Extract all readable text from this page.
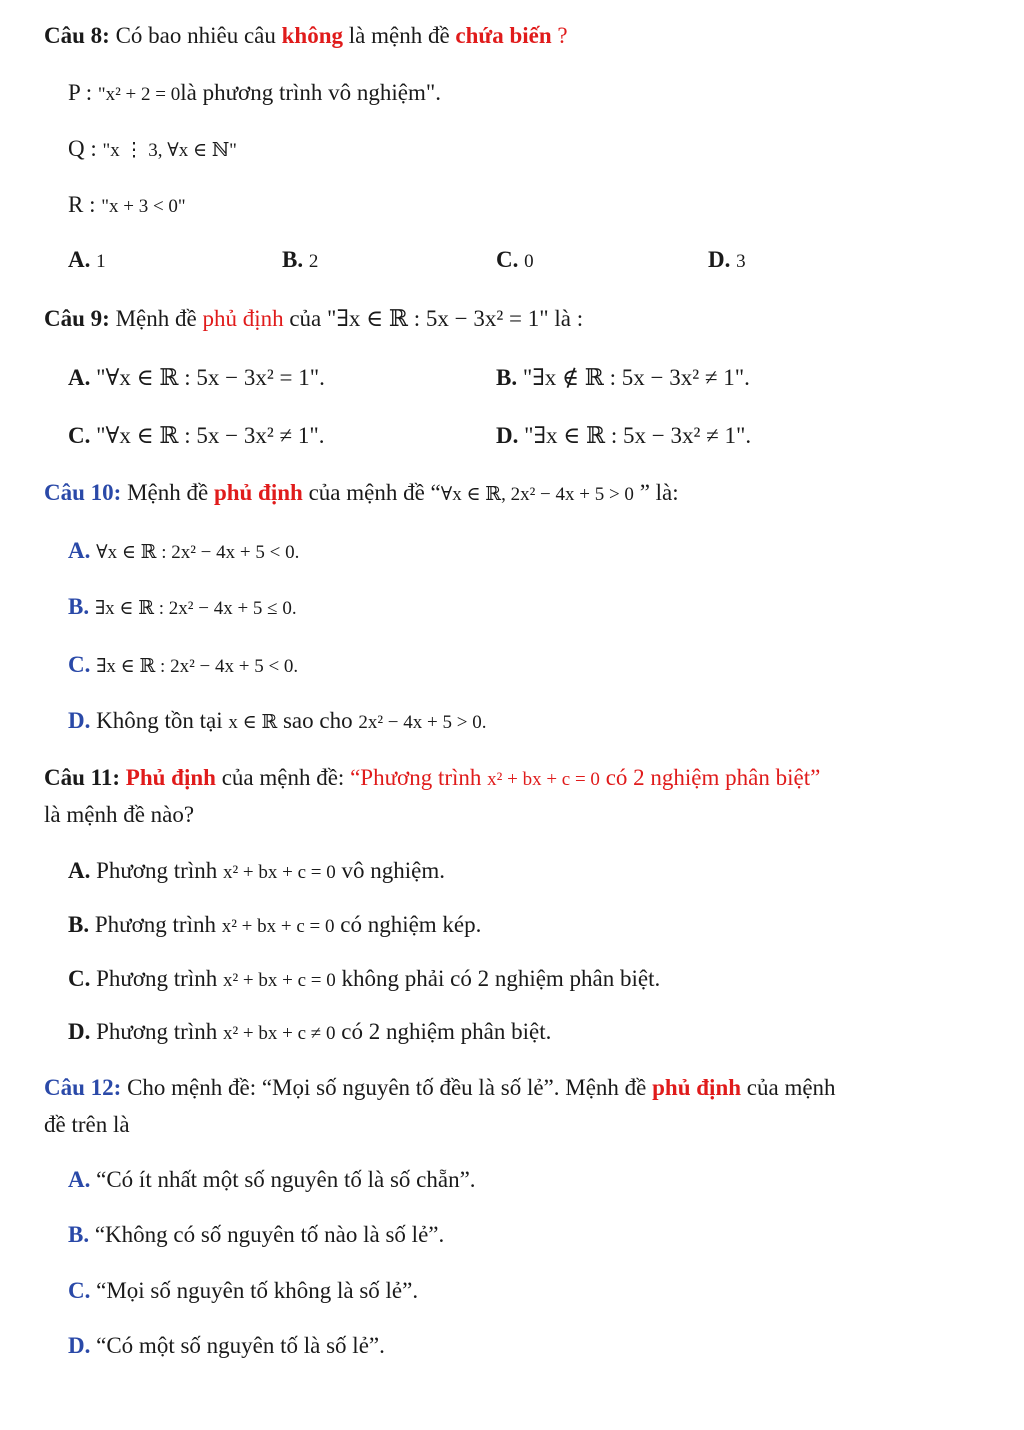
Câu 8: Có bao nhiêu câu không là mệnh đề chứa biến ?
P : "x² + 2 = 0là phương trình vô nghiệm".
Q : "x ⋮ 3, ∀x ∈ ℕ"
R : "x + 3 < 0"
A. 1	B. 2	C. 0	D. 3
Câu 9: Mệnh đề phủ định của "∃x ∈ ℝ : 5x − 3x² = 1" là :
A. "∀x ∈ ℝ : 5x − 3x² = 1".	B. "∃x ∉ ℝ : 5x − 3x² ≠ 1".
C. "∀x ∈ ℝ : 5x − 3x² ≠ 1".	D. "∃x ∈ ℝ : 5x − 3x² ≠ 1".
Câu 10: Mệnh đề phủ định của mệnh đề “∀x ∈ ℝ, 2x² − 4x + 5 > 0 ” là:
A. ∀x ∈ ℝ : 2x² − 4x + 5 < 0.
B. ∃x ∈ ℝ : 2x² − 4x + 5 ≤ 0.
C. ∃x ∈ ℝ : 2x² − 4x + 5 < 0.
D. Không tồn tại x ∈ ℝ sao cho 2x² − 4x + 5 > 0.
Câu 11: Phủ định của mệnh đề: “Phương trình x² + bx + c = 0 có 2 nghiệm phân biệt”
là mệnh đề nào?
A. Phương trình x² + bx + c = 0 vô nghiệm.
B. Phương trình x² + bx + c = 0 có nghiệm kép.
C. Phương trình x² + bx + c = 0 không phải có 2 nghiệm phân biệt.
D. Phương trình x² + bx + c ≠ 0 có 2 nghiệm phân biệt.
Câu 12: Cho mệnh đề: “Mọi số nguyên tố đều là số lẻ”. Mệnh đề phủ định của mệnh
đề trên là
A. “Có ít nhất một số nguyên tố là số chẵn”.
B. “Không có số nguyên tố nào là số lẻ”.
C. “Mọi số nguyên tố không là số lẻ”.
D. “Có một số nguyên tố là số lẻ”.
